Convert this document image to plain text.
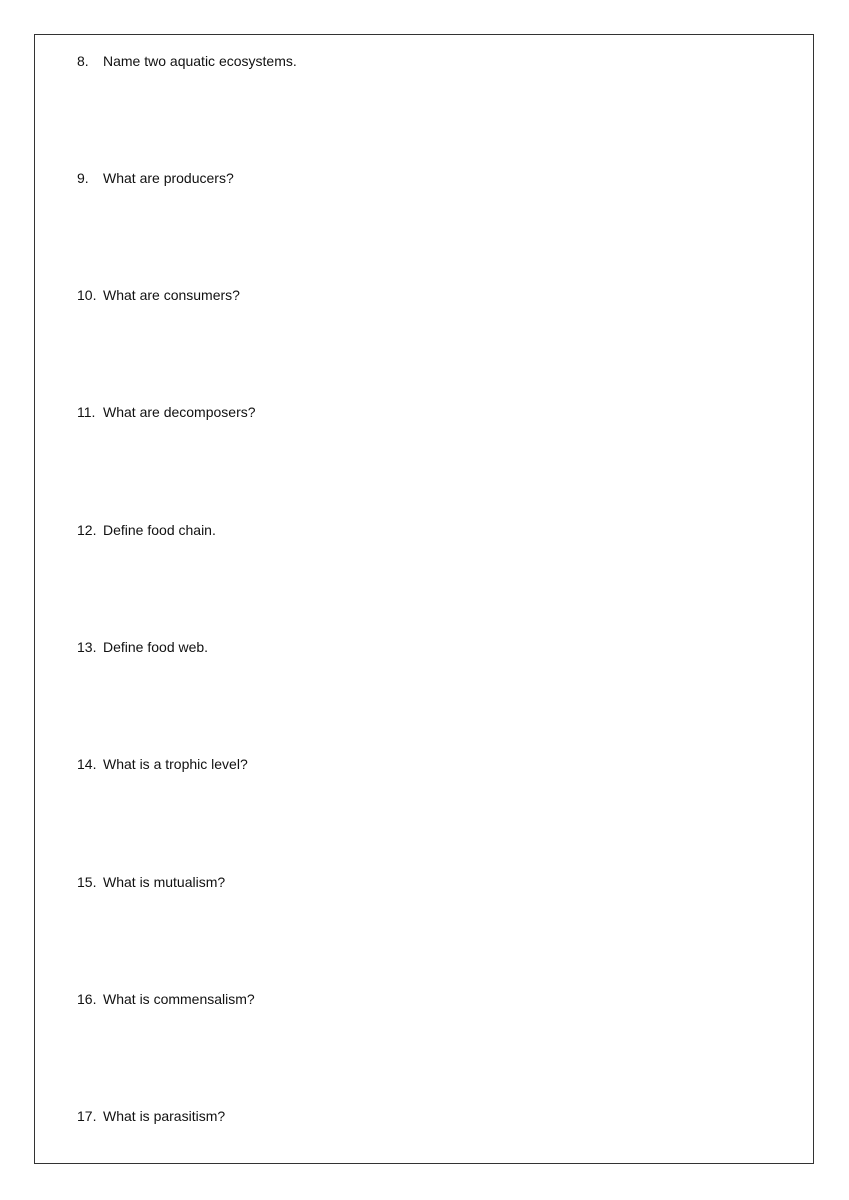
8. Name two aquatic ecosystems.
9. What are producers?
10. What are consumers?
11. What are decomposers?
12. Define food chain.
13. Define food web.
14. What is a trophic level?
15. What is mutualism?
16. What is commensalism?
17. What is parasitism?
